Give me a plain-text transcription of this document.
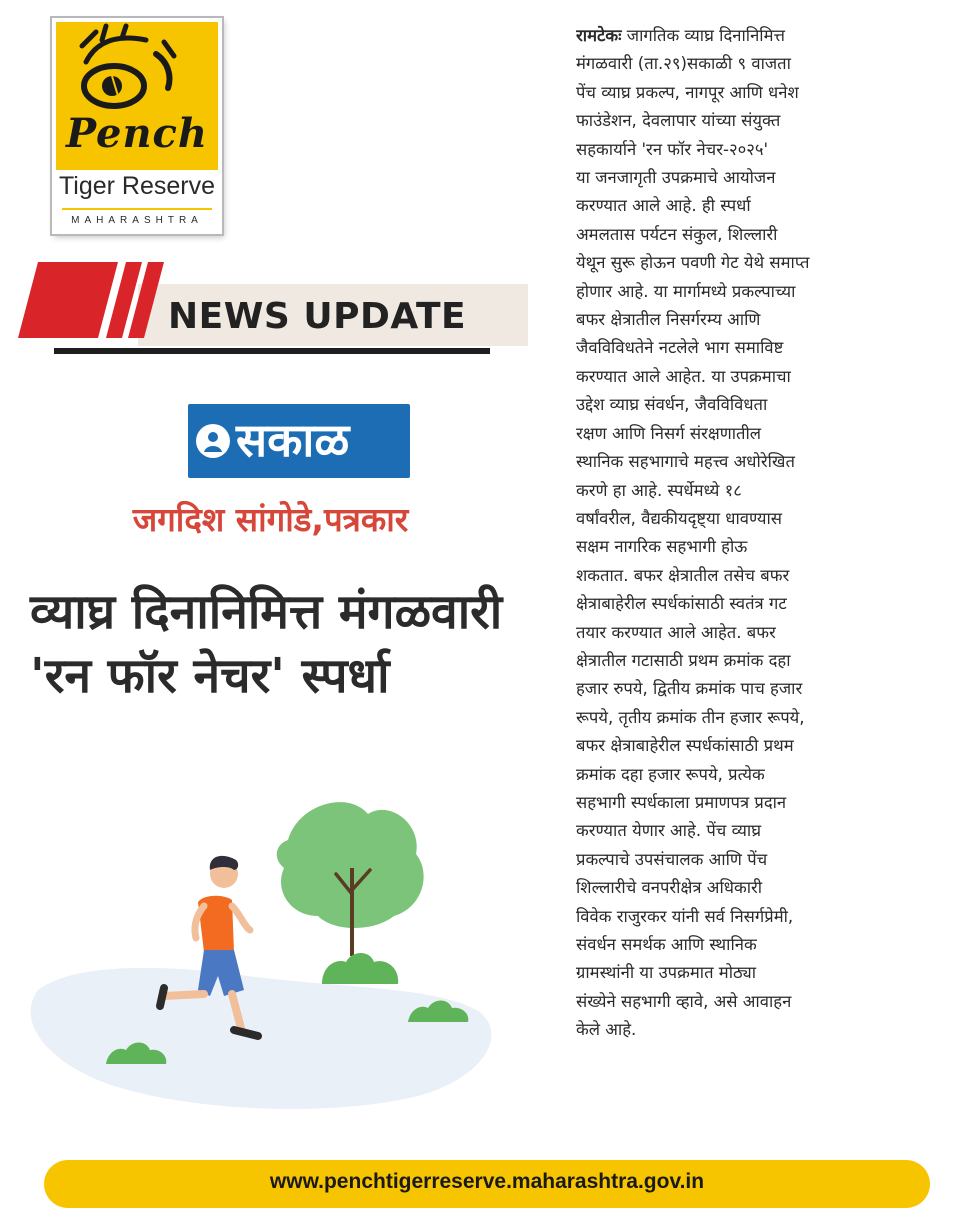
Pench
Tiger Reserve
MAHARASHTRA
NEWS UPDATE
सकाळ
जगदिश सांगोडे,पत्रकार
व्याघ्र दिनानिमित्त मंगळवारी
'रन फॉर नेचर' स्पर्धा
रामटेकः जागतिक व्याघ्र दिनानिमित्त
मंगळवारी (ता.२९)सकाळी ९ वाजता
पेंच व्याघ्र प्रकल्प, नागपूर आणि धनेश
फाउंडेशन, देवलापार यांच्या संयुक्त
सहकार्याने 'रन फॉर नेचर-२०२५'
या जनजागृती उपक्रमाचे आयोजन
करण्यात आले आहे. ही स्पर्धा
अमलतास पर्यटन संकुल, शिल्लारी
येथून सुरू होऊन पवणी गेट येथे समाप्त
होणार आहे. या मार्गामध्ये प्रकल्पाच्या
बफर क्षेत्रातील निसर्गरम्य आणि
जैवविविधतेने नटलेले भाग समाविष्ट
करण्यात आले आहेत. या उपक्रमाचा
उद्देश व्याघ्र संवर्धन, जैवविविधता
रक्षण आणि निसर्ग संरक्षणातील
स्थानिक सहभागाचे महत्त्व अधोरेखित
करणे हा आहे. स्पर्धेमध्ये १८
वर्षांवरील, वैद्यकीयदृष्ट्या धावण्यास
सक्षम नागरिक सहभागी होऊ
शकतात. बफर क्षेत्रातील तसेच बफर
क्षेत्राबाहेरील स्पर्धकांसाठी स्वतंत्र गट
तयार करण्यात आले आहेत. बफर
क्षेत्रातील गटासाठी प्रथम क्रमांक दहा
हजार रुपये, द्वितीय क्रमांक पाच हजार
रूपये, तृतीय क्रमांक तीन हजार रूपये,
बफर क्षेत्राबाहेरील स्पर्धकांसाठी प्रथम
क्रमांक दहा हजार रूपये, प्रत्येक
सहभागी स्पर्धकाला प्रमाणपत्र प्रदान
करण्यात येणार आहे. पेंच व्याघ्र
प्रकल्पाचे उपसंचालक आणि पेंच
शिल्लारीचे वनपरीक्षेत्र अधिकारी
विवेक राजुरकर यांनी सर्व निसर्गप्रेमी,
संवर्धन समर्थक आणि स्थानिक
ग्रामस्थांनी या उपक्रमात मोठ्या
संख्येने सहभागी व्हावे, असे आवाहन
केले आहे.
www.penchtigerreserve.maharashtra.gov.in
